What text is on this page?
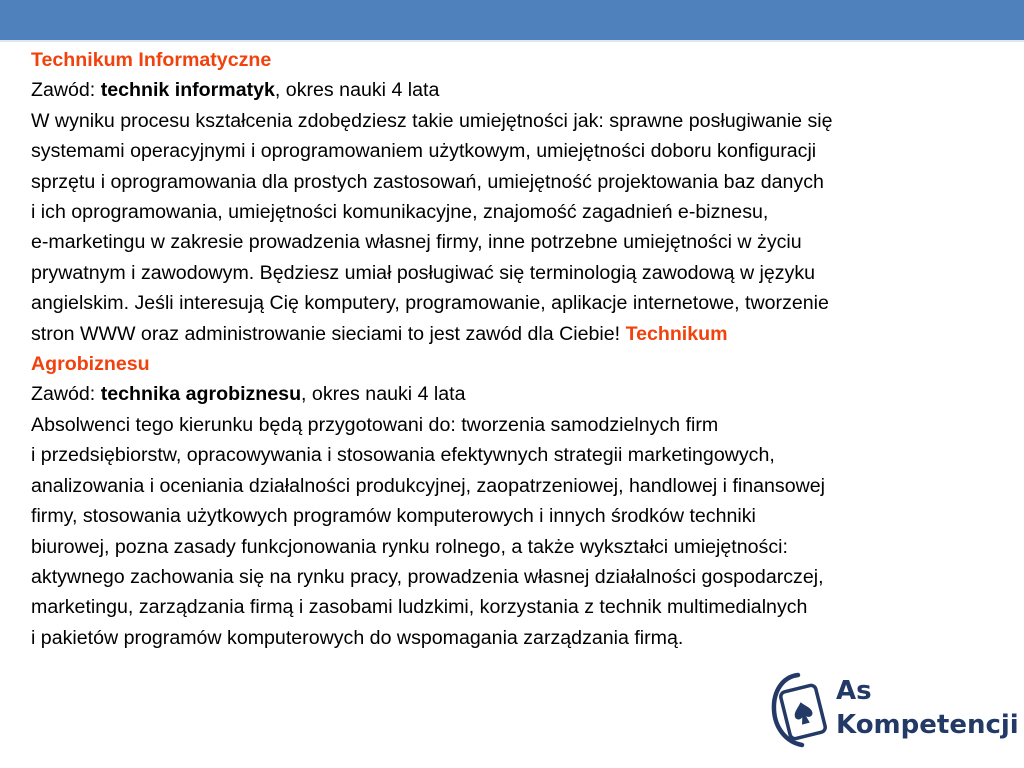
Technikum Informatyczne
Zawód: technik informatyk, okres nauki 4 lata
W wyniku procesu kształcenia zdobędziesz takie umiejętności jak: sprawne posługiwanie się
systemami operacyjnymi i oprogramowaniem użytkowym, umiejętności doboru konfiguracji
sprzętu i oprogramowania dla prostych zastosowań, umiejętność projektowania baz danych
i ich oprogramowania, umiejętności komunikacyjne, znajomość zagadnień e-biznesu,
e-marketingu w zakresie prowadzenia własnej firmy, inne potrzebne umiejętności w życiu
prywatnym i zawodowym. Będziesz umiał posługiwać się terminologią zawodową w języku
angielskim. Jeśli interesują Cię komputery, programowanie, aplikacje internetowe, tworzenie
stron WWW oraz administrowanie sieciami to jest zawód dla Ciebie! Technikum
Agrobiznesu
Zawód: technika agrobiznesu, okres nauki 4 lata
Absolwenci tego kierunku będą przygotowani do: tworzenia samodzielnych firm
i przedsiębiorstw, opracowywania i stosowania efektywnych strategii marketingowych,
analizowania i oceniania działalności produkcyjnej, zaopatrzeniowej, handlowej i finansowej
firmy, stosowania użytkowych programów komputerowych i innych środków techniki
biurowej, pozna zasady funkcjonowania rynku rolnego, a także wykształci umiejętności:
aktywnego zachowania się na rynku pracy, prowadzenia własnej działalności gospodarczej,
marketingu, zarządzania firmą i zasobami ludzkimi, korzystania z technik multimedialnych
i pakietów programów komputerowych do wspomagania zarządzania firmą.
As
Kompetencji
